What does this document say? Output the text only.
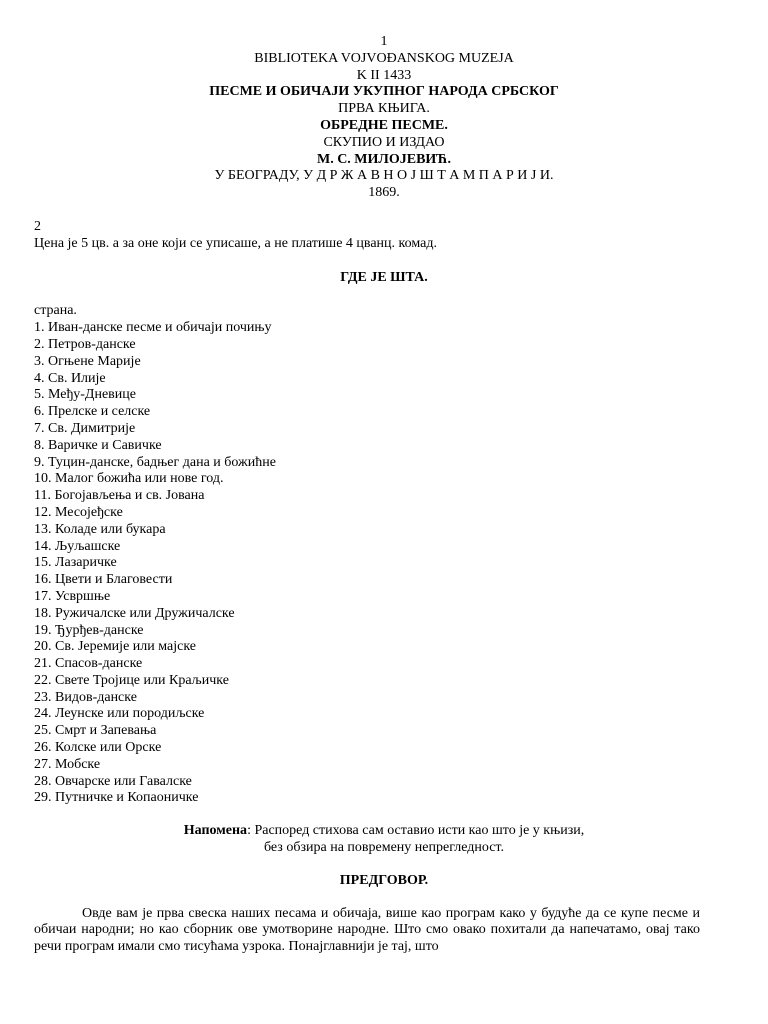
1
BIBLIOTEKA VOJVOĐANSKOG MUZEJA
K II 1433
ПЕСМЕ И ОБИЧАЈИ УКУПНОГ НАРОДА СРБСКОГ
ПРВА КЊИГА.
ОБРЕДНЕ ПЕСМЕ.
СКУПИО И ИЗДАО
М. С. МИЛОЈЕВИЋ.
У БЕОГРАДУ, У Д Р Ж А В Н О Ј Ш Т А М П А Р И Ј И.
1869.
2
Цена је 5 цв. а за оне који се уписаше, а не платише 4 цванц. комад.
ГДЕ ЈЕ ШТА.
страна.
1. Иван-данске песме и обичаји почињу
2. Петров-данске
3. Огњене Марије
4. Св. Илије
5. Међу-Дневице
6. Прелске и селске
7. Св. Димитрије
8. Варичке и Савичке
9. Туцин-данске, бадњег дана и божићне
10. Малог божића или нове год.
11. Богојављења и св. Јована
12. Месојеђске
13. Коладе или букара
14. Љуљашске
15. Лазаричке
16. Цвети и Благовести
17. Усвршње
18. Ружичалске или Дружичалске
19. Ђурђев-данске
20. Св. Јеремије или мајске
21. Спасов-данске
22. Свете Тројице или Краљичке
23. Видов-данске
24. Леунске или породиљске
25. Смрт и Запевања
26. Колске или Орске
27. Мобске
28. Овчарске или Гавалске
29. Путничке и Копаоничке
Напомена: Распоред стихова сам оставио исти као што је у књизи,
без обзира на повремену непрегледност.
ПРЕДГОВОР.

Овде вам је прва свеска наших песама и обичаја, више као програм како у будуће да се купе песме и обичаи народни; но као сборник ове умотворине народне. Што смо овако похитали да напечатамо, овај тако речи програм имали смо тисућама узрока. Понајглавнији је тај, што
